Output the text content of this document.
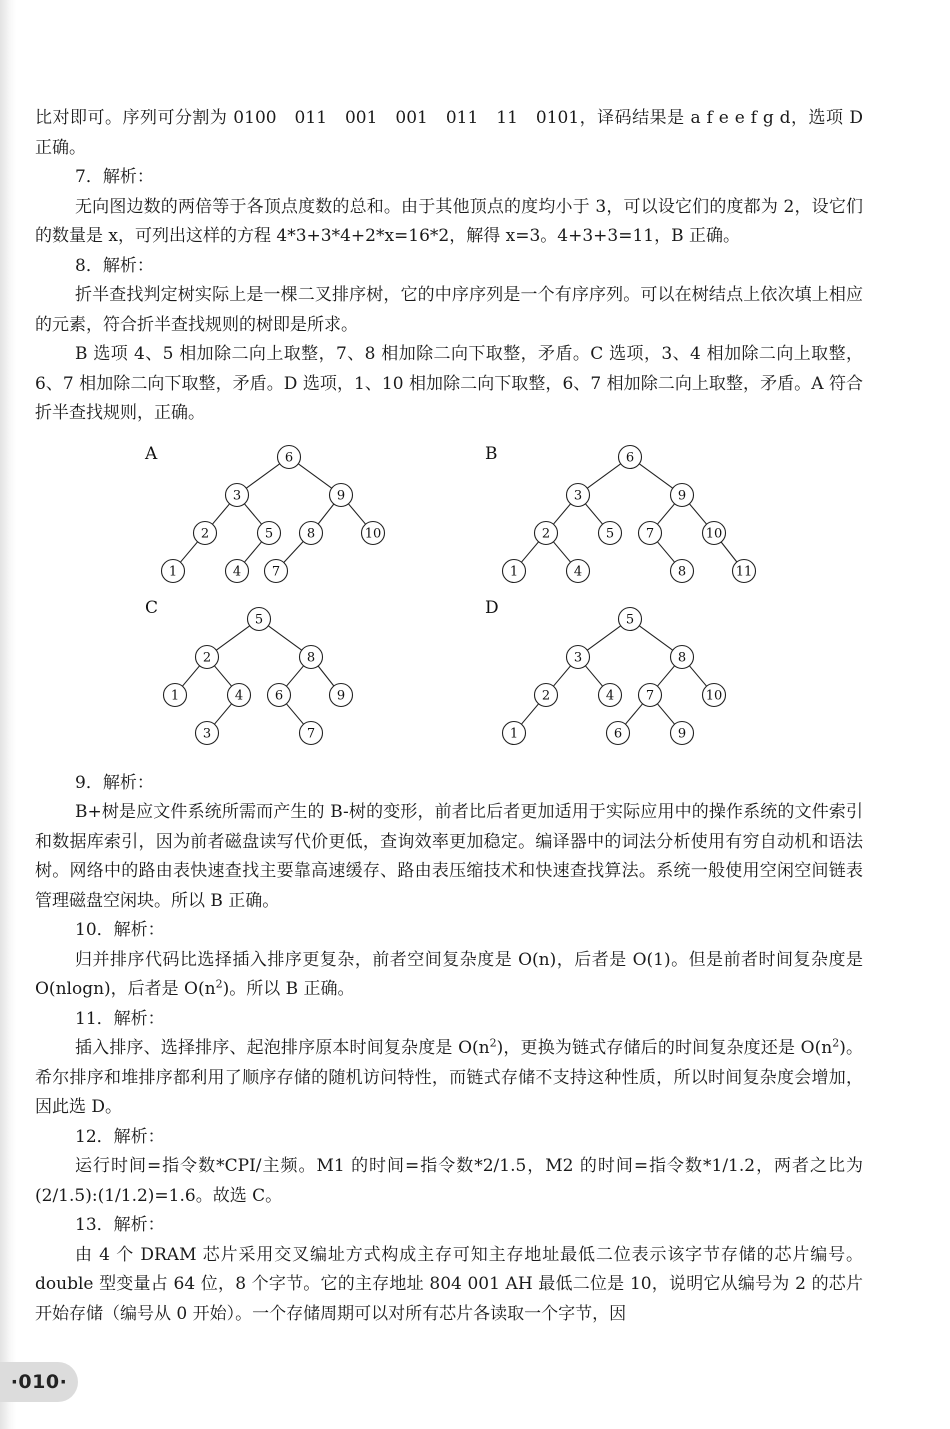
比对即可。序列可分割为 0100　011　001　001　011　11　0101，译码结果是 a f e e f g d，选项 D 正确。

7．解析：

无向图边数的两倍等于各顶点度数的总和。由于其他顶点的度均小于 3，可以设它们的度都为 2，设它们的数量是 x，可列出这样的方程 4*3+3*4+2*x=16*2，解得 x=3。4+3+3=11，B 正确。

8．解析：

折半查找判定树实际上是一棵二叉排序树，它的中序序列是一个有序序列。可以在树结点上依次填上相应的元素，符合折半查找规则的树即是所求。

B 选项 4、5 相加除二向上取整，7、8 相加除二向下取整，矛盾。C 选项，3、4 相加除二向上取整，6、7 相加除二向下取整，矛盾。D 选项，1、10 相加除二向下取整，6、7 相加除二向上取整，矛盾。A 符合折半查找规则，正确。

6
3	9
2	5	8	10
1	4 7
A	6
3	9
2	5 7	10
1	4	8	11
B
5
2	8
1	4 6	9
3	7
C
5
3	8
2	4 7	10
1	6	9
D

9．解析：

B+树是应文件系统所需而产生的 B-树的变形，前者比后者更加适用于实际应用中的操作系统的文件索引和数据库索引，因为前者磁盘读写代价更低，查询效率更加稳定。编译器中的词法分析使用有穷自动机和语法树。网络中的路由表快速查找主要靠高速缓存、路由表压缩技术和快速查找算法。系统一般使用空闲空间链表管理磁盘空闲块。所以 B 正确。

10．解析：

归并排序代码比选择插入排序更复杂，前者空间复杂度是 O(n)，后者是 O(1)。但是前者时间复杂度是 O(nlogn)，后者是 $O(n^2)$。所以 B 正确。

11．解析：

插入排序、选择排序、起泡排序原本时间复杂度是 $O(n^2)$，更换为链式存储后的时间复杂度还是 $O(n^2)$。希尔排序和堆排序都利用了顺序存储的随机访问特性，而链式存储不支持这种性质，所以时间复杂度会增加，因此选 D。

12．解析：

运行时间=指令数*CPI/主频。M1 的时间=指令数*2/1.5，M2 的时间=指令数*1/1.2，两者之比为(2/1.5):(1/1.2)=1.6。故选 C。

13．解析：

由 4 个 DRAM 芯片采用交叉编址方式构成主存可知主存地址最低二位表示该字节存储的芯片编号。double 型变量占 64 位，8 个字节。它的主存地址 804 001 AH 最低二位是 10，说明它从编号为 2 的芯片开始存储（编号从 0 开始）。一个存储周期可以对所有芯片各读取一个字节，因

·010·
